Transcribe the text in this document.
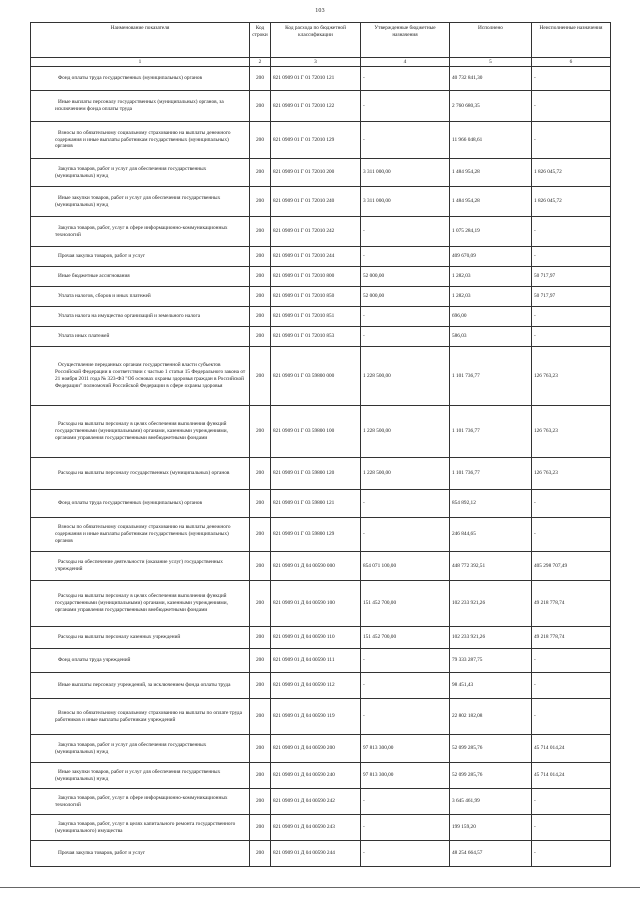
103
Наименование показателя	Код строки	Код расхода по бюджетной классификации	Утвержденные бюджетные назначения	Исполнено	Неисполненные назначения
1	2	3	4	5	6
Фонд оплаты труда государственных (муниципальных) органов	200	821 0909 01 Г 01 72010 121	-	40 732 841,30	-
Иные выплаты персоналу государственных (муниципальных) органов, за исключением фонда оплаты труда	200	821 0909 01 Г 01 72010 122	-	2 760 680,35	-
Взносы по обязательному социальному страхованию на выплаты денежного содержания и иные выплаты работникам государственных (муниципальных) органов	200	821 0909 01 Г 01 72010 129	-	11 966 048,61	-
Закупка товаров, работ и услуг для обеспечения государственных (муниципальных) нужд	200	821 0909 01 Г 01 72010 200	3 311 000,00	1 484 954,28	1 826 045,72
Иные закупки товаров, работ и услуг для обеспечения государственных (муниципальных) нужд	200	821 0909 01 Г 01 72010 240	3 311 000,00	1 484 954,28	1 826 045,72
Закупка товаров, работ, услуг в сфере информационно-коммуникационных технологий	200	821 0909 01 Г 01 72010 242	-	1 075 284,19	-
Прочая закупка товаров, работ и услуг	200	821 0909 01 Г 01 72010 244	-	409 670,09	-
Иные бюджетные ассигнования	200	821 0909 01 Г 01 72010 800	52 000,00	1 282,03	50 717,97
Уплата налогов, сборов и иных платежей	200	821 0909 01 Г 01 72010 850	52 000,00	1 282,03	50 717,97
Уплата налога на имущество организаций и земельного налога	200	821 0909 01 Г 01 72010 851	-	696,00	-
Уплата иных платежей	200	821 0909 01 Г 01 72010 853	-	586,03	-
Осуществление переданных органам государственной власти субъектов Российской Федерации в соответствии с частью 1 статьи 15 Федерального закона от 21 ноября 2011 года № 323-ФЗ "Об основах охраны здоровья граждан в Российской Федерации" полномочий Российской Федерации в сфере охраны здоровья	200	821 0909 01 Г 03 59800 000	1 228 500,00	1 101 736,77	126 763,23
Расходы на выплаты персоналу в целях обеспечения выполнения функций государственными (муниципальными) органами, казенными учреждениями, органами управления государственными внебюджетными фондами	200	821 0909 01 Г 03 59800 100	1 228 500,00	1 101 736,77	126 763,23
Расходы на выплаты персоналу государственных (муниципальных) органов	200	821 0909 01 Г 03 59800 120	1 228 500,00	1 101 736,77	126 763,23
Фонд оплаты труда государственных (муниципальных) органов	200	821 0909 01 Г 03 59800 121	-	854 892,12	-
Взносы по обязательному социальному страхованию на выплаты денежного содержания и иные выплаты работникам государственных (муниципальных) органов	200	821 0909 01 Г 03 59800 129	-	246 844,65	-
Расходы на обеспечение деятельности (оказание услуг) государственных учреждений	200	821 0909 01 Д 04 00590 000	854 071 100,00	448 772 392,51	405 298 707,49
Расходы на выплаты персоналу в целях обеспечения выполнения функций государственными (муниципальными) органами, казенными учреждениями, органами управления государственными внебюджетными фондами	200	821 0909 01 Д 04 00590 100	151 452 700,00	102 233 921,26	49 218 778,74
Расходы на выплаты персоналу казенных учреждений	200	821 0909 01 Д 04 00590 110	151 452 700,00	102 233 921,26	49 218 778,74
Фонд оплаты труда учреждений	200	821 0909 01 Д 04 00590 111	-	79 333 287,75	-
Иные выплаты персоналу учреждений, за исключением фонда оплаты труда	200	821 0909 01 Д 04 00590 112	-	98 451,43	-
Взносы по обязательному социальному страхованию на выплаты по оплате труда работников и иные выплаты работникам учреждений	200	821 0909 01 Д 04 00590 119	-	22 802 182,08	-
Закупка товаров, работ и услуг для обеспечения государственных (муниципальных) нужд	200	821 0909 01 Д 04 00590 200	97 813 300,00	52 099 285,76	45 714 014,24
Иные закупки товаров, работ и услуг для обеспечения государственных (муниципальных) нужд	200	821 0909 01 Д 04 00590 240	97 813 300,00	52 099 285,76	45 714 014,24
Закупка товаров, работ, услуг в сфере информационно-коммуникационных технологий	200	821 0909 01 Д 04 00590 242	-	3 645 461,99	-
Закупка товаров, работ, услуг в целях капитального ремонта государственного (муниципального) имущества	200	821 0909 01 Д 04 00590 243	-	199 159,20	-
Прочая закупка товаров, работ и услуг	200	821 0909 01 Д 04 00590 244	-	48 254 664,57	-
